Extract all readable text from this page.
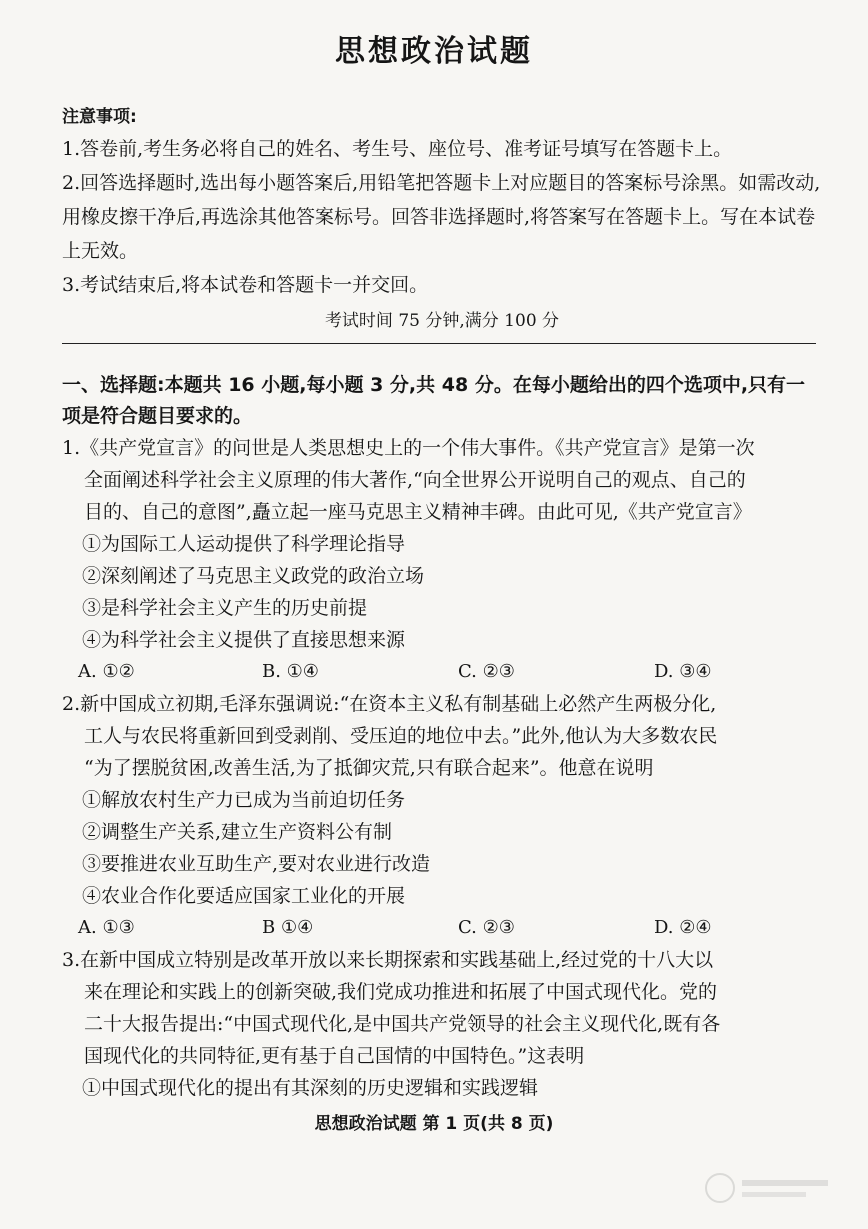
思想政治试题
注意事项:
1.答卷前,考生务必将自己的姓名、考生号、座位号、准考证号填写在答题卡上。
2.回答选择题时,选出每小题答案后,用铅笔把答题卡上对应题目的答案标号涂黑。如需改动,用橡皮擦干净后,再选涂其他答案标号。回答非选择题时,将答案写在答题卡上。写在本试卷上无效。
3.考试结束后,将本试卷和答题卡一并交回。
考试时间 75 分钟,满分 100 分
一、选择题:本题共 16 小题,每小题 3 分,共 48 分。在每小题给出的四个选项中,只有一项是符合题目要求的。
1.《共产党宣言》的问世是人类思想史上的一个伟大事件。《共产党宣言》是第一次
全面阐述科学社会主义原理的伟大著作,“向全世界公开说明自己的观点、自己的
目的、自己的意图”,矗立起一座马克思主义精神丰碑。由此可见,《共产党宣言》
①为国际工人运动提供了科学理论指导
②深刻阐述了马克思主义政党的政治立场
③是科学社会主义产生的历史前提
④为科学社会主义提供了直接思想来源
A. ①②	B. ①④	C. ②③	D. ③④
2.新中国成立初期,毛泽东强调说:“在资本主义私有制基础上必然产生两极分化,
工人与农民将重新回到受剥削、受压迫的地位中去。”此外,他认为大多数农民
“为了摆脱贫困,改善生活,为了抵御灾荒,只有联合起来”。他意在说明
①解放农村生产力已成为当前迫切任务
②调整生产关系,建立生产资料公有制
③要推进农业互助生产,要对农业进行改造
④农业合作化要适应国家工业化的开展
A. ①③	B ①④	C. ②③	D. ②④
3.在新中国成立特别是改革开放以来长期探索和实践基础上,经过党的十八大以
来在理论和实践上的创新突破,我们党成功推进和拓展了中国式现代化。党的
二十大报告提出:“中国式现代化,是中国共产党领导的社会主义现代化,既有各
国现代化的共同特征,更有基于自己国情的中国特色。”这表明
①中国式现代化的提出有其深刻的历史逻辑和实践逻辑
思想政治试题 第 1 页(共 8 页)
